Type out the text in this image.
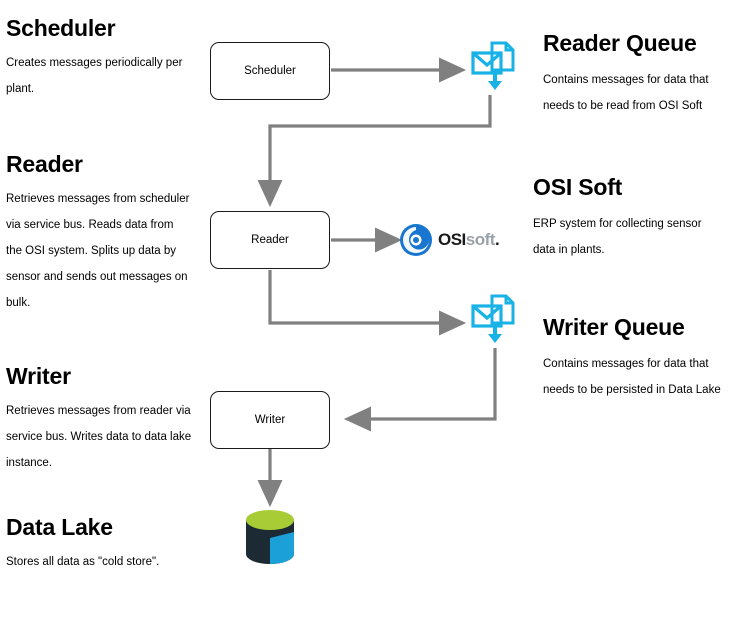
Scheduler
Creates messages periodically per plant.
Reader
Retrieves messages from scheduler via service bus. Reads data from the OSI system. Splits up data by sensor and sends out messages on bulk.
Writer
Retrieves messages from reader via service bus. Writes data to data lake instance.
Data Lake
Stores all data as "cold store".
Reader Queue
Contains messages for data that needs to be read from OSI Soft
OSI Soft
ERP system for collecting sensor data in plants.
Writer Queue
Contains messages for data that needs to be persisted in Data Lake
Scheduler
Reader
Writer
OSIsoft.
